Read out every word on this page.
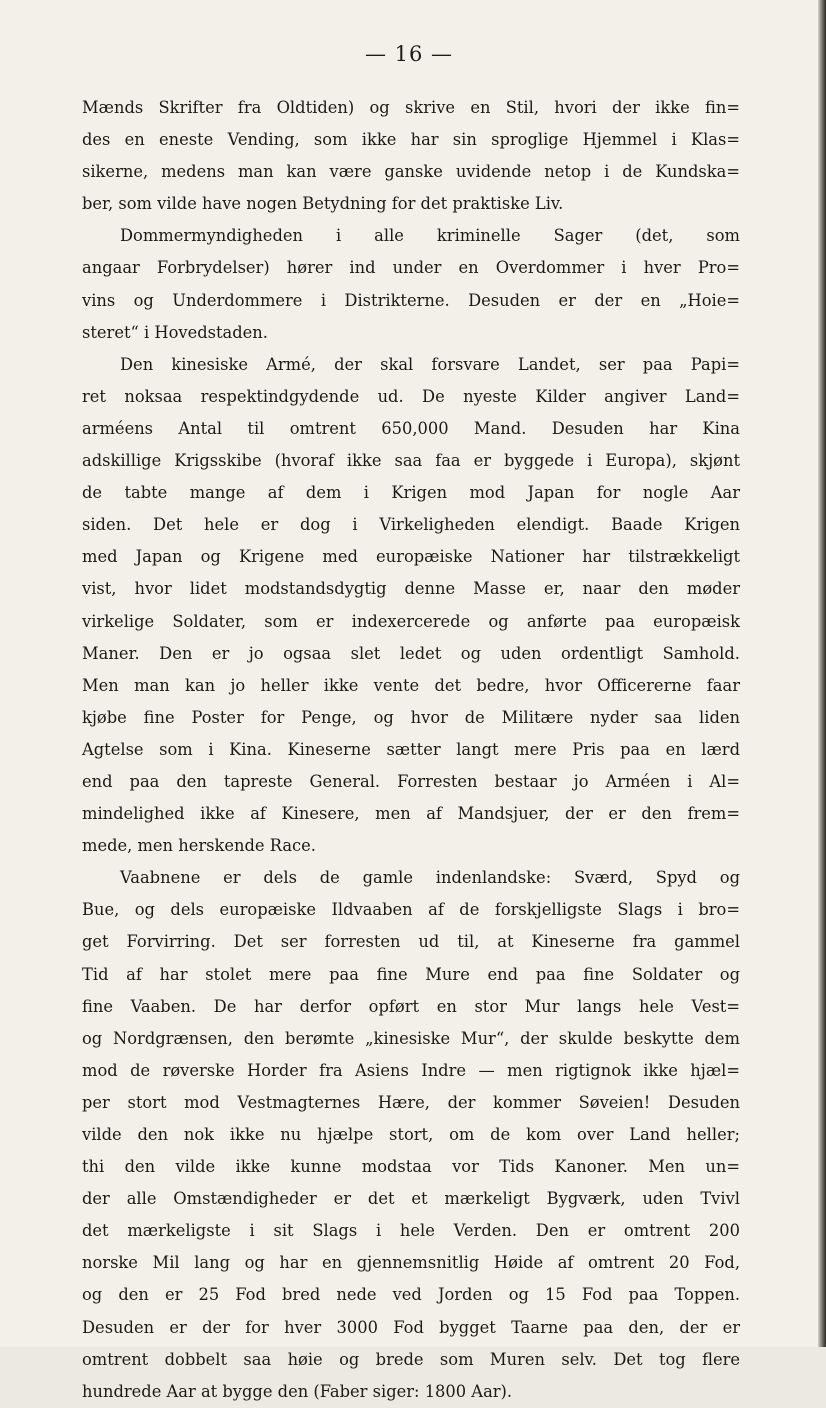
— 16 —
Mænds Skrifter fra Oldtiden) og skrive en Stil, hvori der ikke fin=
des en eneste Vending, som ikke har sin sproglige Hjemmel i Klas=
sikerne, medens man kan være ganske uvidende netop i de Kundska=
ber, som vilde have nogen Betydning for det praktiske Liv.
Dommermyndigheden i alle kriminelle Sager (det, som
angaar Forbrydelser) hører ind under en Overdommer i hver Pro=
vins og Underdommere i Distrikterne. Desuden er der en „Hoie=
steret“ i Hovedstaden.
Den kinesiske Armé, der skal forsvare Landet, ser paa Papi=
ret noksaa respektindgydende ud. De nyeste Kilder angiver Land=
arméens Antal til omtrent 650,000 Mand. Desuden har Kina
adskillige Krigsskibe (hvoraf ikke saa faa er byggede i Europa), skjønt
de tabte mange af dem i Krigen mod Japan for nogle Aar
siden. Det hele er dog i Virkeligheden elendigt. Baade Krigen
med Japan og Krigene med europæiske Nationer har tilstrækkeligt
vist, hvor lidet modstandsdygtig denne Masse er, naar den møder
virkelige Soldater, som er indexercerede og anførte paa europæisk
Maner. Den er jo ogsaa slet ledet og uden ordentligt Samhold.
Men man kan jo heller ikke vente det bedre, hvor Officererne faar
kjøbe fine Poster for Penge, og hvor de Militære nyder saa liden
Agtelse som i Kina. Kineserne sætter langt mere Pris paa en lærd
end paa den tapreste General. Forresten bestaar jo Arméen i Al=
mindelighed ikke af Kinesere, men af Mandsjuer, der er den frem=
mede, men herskende Race.
Vaabnene er dels de gamle indenlandske: Sværd, Spyd og
Bue, og dels europæiske Ildvaaben af de forskjelligste Slags i bro=
get Forvirring. Det ser forresten ud til, at Kineserne fra gammel
Tid af har stolet mere paa fine Mure end paa fine Soldater og
fine Vaaben. De har derfor opført en stor Mur langs hele Vest=
og Nordgrænsen, den berømte „kinesiske Mur“, der skulde beskytte dem
mod de røverske Horder fra Asiens Indre — men rigtignok ikke hjæl=
per stort mod Vestmagternes Hære, der kommer Søveien! Desuden
vilde den nok ikke nu hjælpe stort, om de kom over Land heller;
thi den vilde ikke kunne modstaa vor Tids Kanoner. Men un=
der alle Omstændigheder er det et mærkeligt Bygværk, uden Tvivl
det mærkeligste i sit Slags i hele Verden. Den er omtrent 200
norske Mil lang og har en gjennemsnitlig Høide af omtrent 20 Fod,
og den er 25 Fod bred nede ved Jorden og 15 Fod paa Toppen.
Desuden er der for hver 3000 Fod bygget Taarne paa den, der er
omtrent dobbelt saa høie og brede som Muren selv. Det tog flere
hundrede Aar at bygge den (Faber siger: 1800 Aar).
